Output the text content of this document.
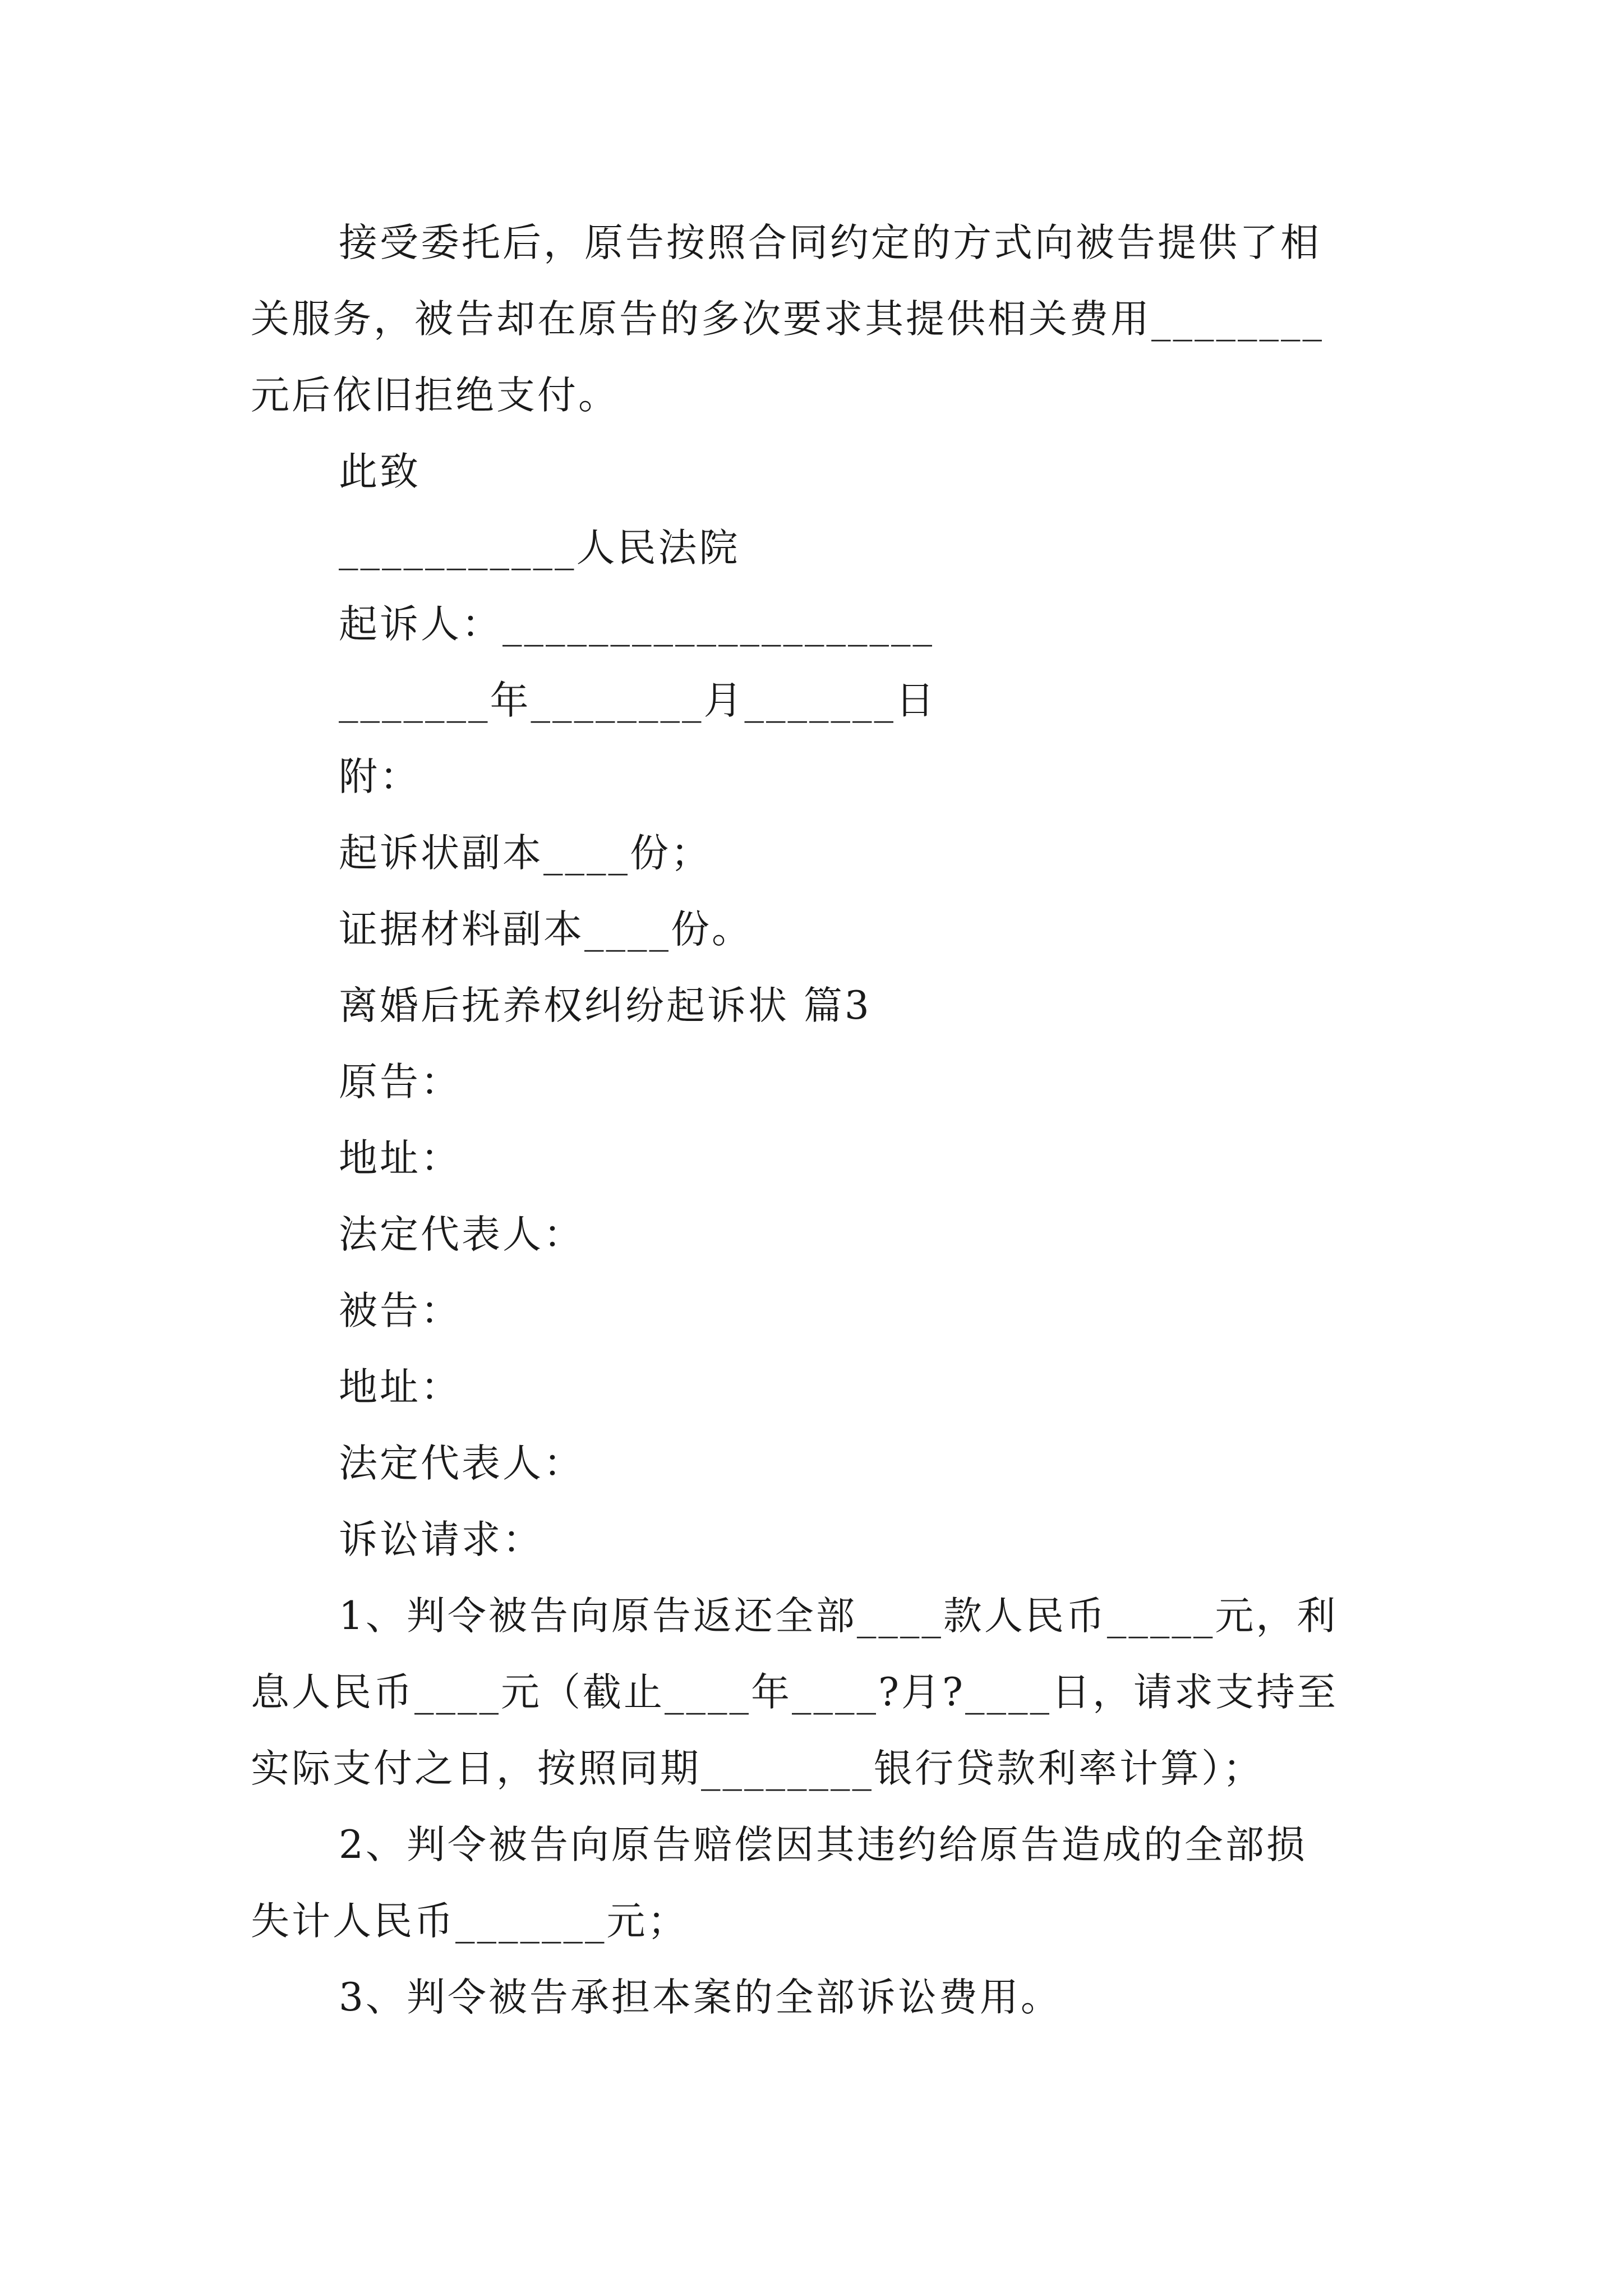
接受委托后，原告按照合同约定的方式向被告提供了相
关服务，被告却在原告的多次要求其提供相关费用________
元后依旧拒绝支付。
此致
___________人民法院
起诉人：____________________
_______年________月_______日
附：
起诉状副本____份；
证据材料副本____份。
离婚后抚养权纠纷起诉状 篇3
原告：
地址：
法定代表人：
被告：
地址：
法定代表人：
诉讼请求：
1、判令被告向原告返还全部____款人民币_____元，利
息人民币____元（截止____年____?月?____日，请求支持至
实际支付之日，按照同期________银行贷款利率计算）；
2、判令被告向原告赔偿因其违约给原告造成的全部损
失计人民币_______元；
3、判令被告承担本案的全部诉讼费用。
